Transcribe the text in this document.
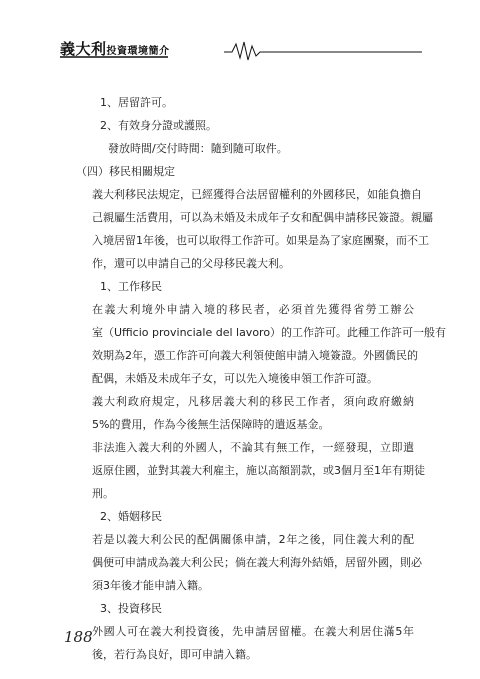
義大利投資環境簡介
1、居留許可。
2、有效身分證或護照。
發放時間/交付時間：隨到隨可取件。
（四）移民相關規定
義大利移民法規定，已經獲得合法居留權利的外國移民，如能負擔自
己親屬生活費用，可以為未婚及未成年子女和配偶申請移民簽證。親屬
入境居留1年後，也可以取得工作許可。如果是為了家庭團聚，而不工
作，還可以申請自己的父母移民義大利。
1、工作移民
在義大利境外申請入境的移民者，必須首先獲得省勞工辦公
室（Ufficio provinciale del lavoro）的工作許可。此種工作許可一般有
效期為2年，憑工作許可向義大利領使館申請入境簽證。外國僑民的
配偶，未婚及未成年子女，可以先入境後申領工作許可證。
義大利政府規定，凡移居義大利的移民工作者，須向政府繳納
5%的費用，作為今後無生活保障時的遣返基金。
非法進入義大利的外國人，不論其有無工作，一經發現，立即遣
返原住國，並對其義大利雇主，施以高額罰款，或3個月至1年有期徒
刑。
2、婚姻移民
若是以義大利公民的配偶關係申請，2年之後，同住義大利的配
偶便可申請成為義大利公民；倘在義大利海外結婚，居留外國，則必
須3年後才能申請入籍。
3、投資移民
外國人可在義大利投資後，先申請居留權。在義大利居住滿5年
後，若行為良好，即可申請入籍。
188
